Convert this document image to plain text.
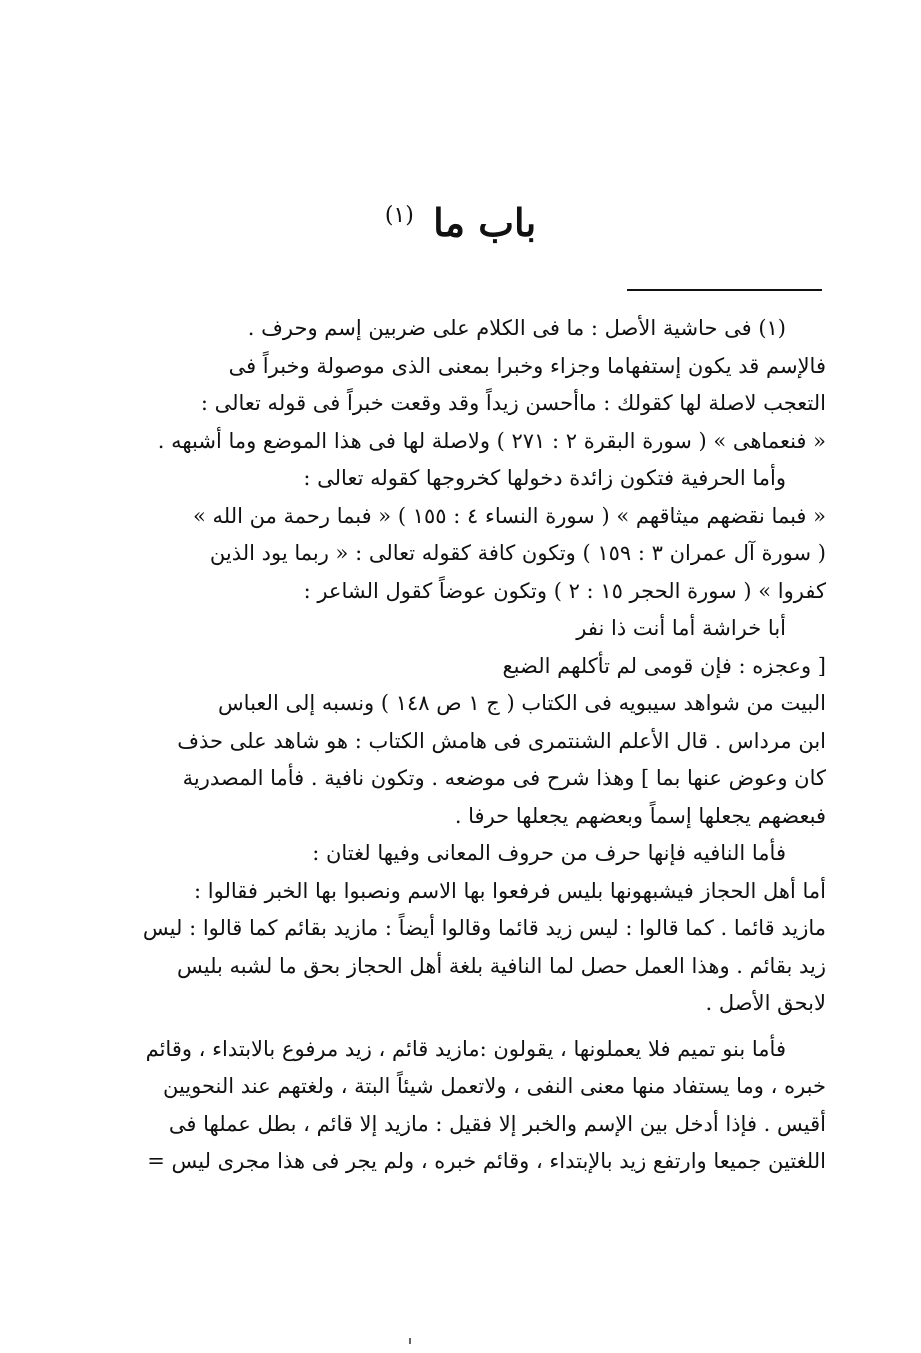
باب ما $^{(١)}$

(١) فى حاشية الأصل : ما فى الكلام على ضربين إسم وحرف .

فالإسم قد يكون إستفهاما وجزاء وخبرا بمعنى الذى موصولة وخبراً فى

التعجب لاصلة لها كقولك : ماأحسن زيداً وقد وقعت خبراً فى قوله تعالى :

« فنعماهى » ( سورة البقرة ٢ : ٢٧١ ) ولاصلة لها فى هذا الموضع وما أشبهه .

وأما الحرفية فتكون زائدة دخولها كخروجها كقوله تعالى :

« فبما نقضهم ميثاقهم » ( سورة النساء ٤ : ١٥٥ ) « فبما رحمة من الله »

( سورة آل عمران ٣ : ١٥٩ ) وتكون كافة كقوله تعالى : « ربما يود الذين

كفروا » ( سورة الحجر ١٥ : ٢ ) وتكون عوضاً كقول الشاعر :

أبا خراشة أما أنت ذا نفر

[ وعجزه : فإن قومى لم تأكلهم الضبع

البيت من شواهد سيبويه فى الكتاب ( ج ١ ص ١٤٨ ) ونسبه إلى العباس

ابن مرداس . قال الأعلم الشنتمرى فى هامش الكتاب : هو شاهد على حذف

كان وعوض عنها بما ] وهذا شرح فى موضعه . وتكون نافية . فأما المصدرية

فبعضهم يجعلها إسماً وبعضهم يجعلها حرفا .

فأما النافيه فإنها حرف من حروف المعانى وفيها لغتان :

أما أهل الحجاز فيشبهونها بليس فرفعوا بها الاسم ونصبوا بها الخبر فقالوا :

مازيد قائما . كما قالوا : ليس زيد قائما وقالوا أيضاً : مازيد بقائم كما قالوا : ليس

زيد بقائم . وهذا العمل حصل لما النافية بلغة أهل الحجاز بحق ما لشبه بليس

لابحق الأصل .

فأما بنو تميم فلا يعملونها ، يقولون :مازيد قائم ، زيد مرفوع بالابتداء ، وقائم

خبره ، وما يستفاد منها معنى النفى ، ولاتعمل شيئاً البتة ، ولغتهم عند النحويين

أقيس . فإذا أدخل بين الإسم والخبر إلا فقيل : مازيد إلا قائم ، بطل عملها فى

اللغتين جميعا وارتفع زيد بالإبتداء ، وقائم خبره ، ولم يجر فى هذا مجرى ليس =
